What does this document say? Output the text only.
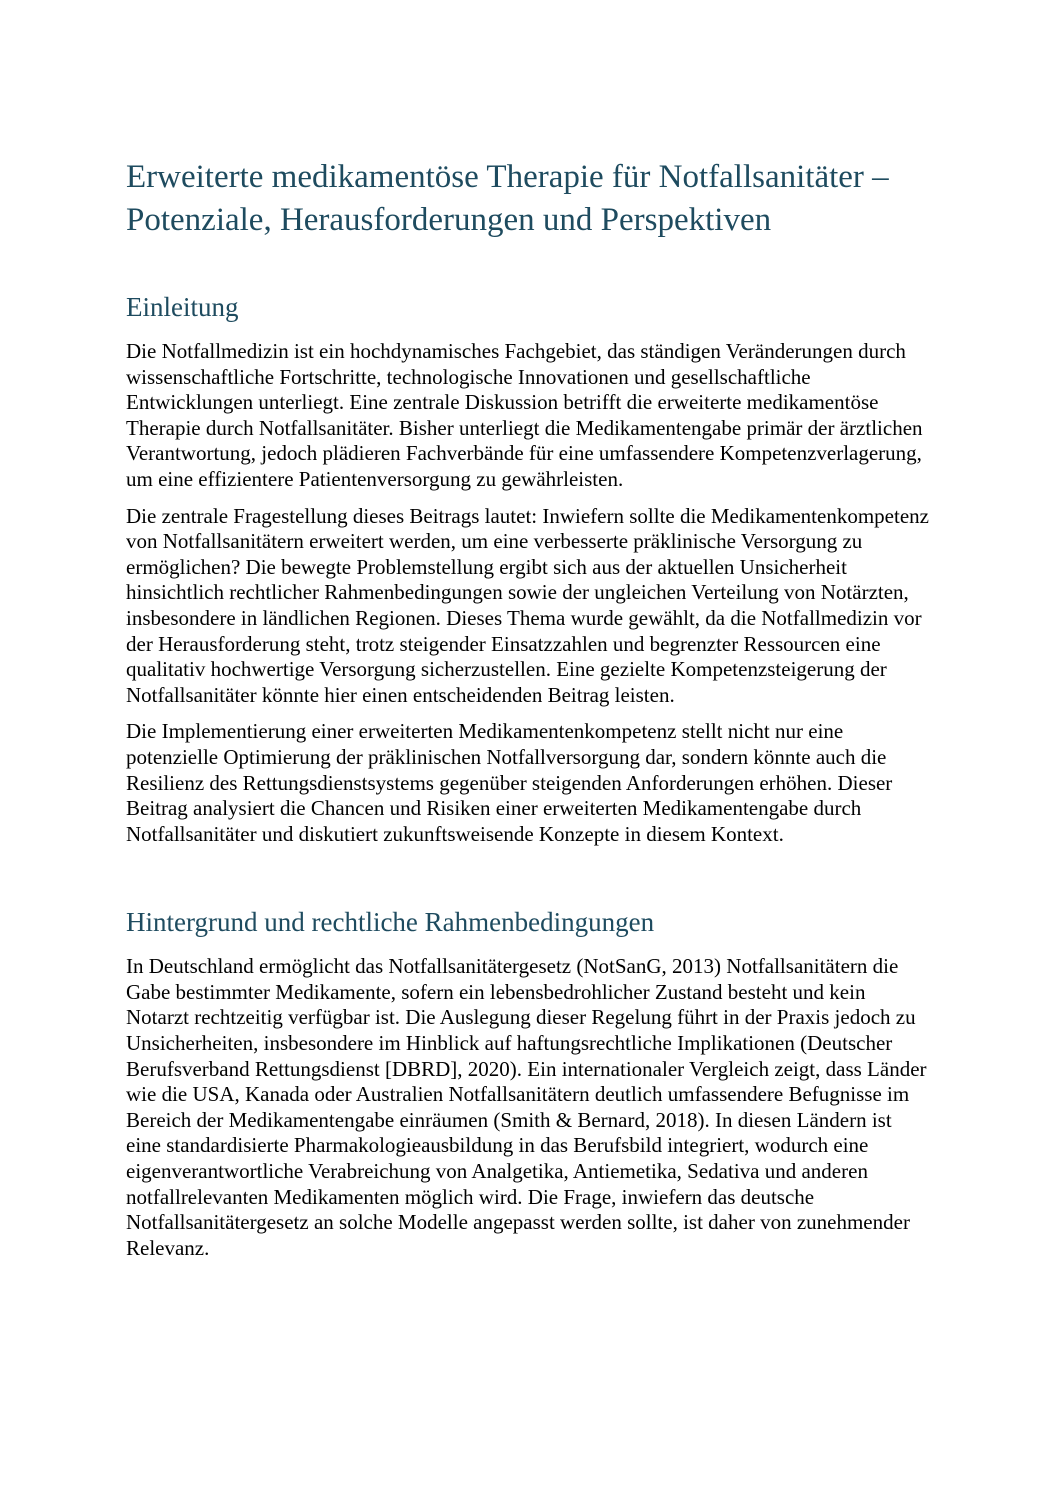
Erweiterte medikamentöse Therapie für Notfallsanitäter – Potenziale, Herausforderungen und Perspektiven
Einleitung

Die Notfallmedizin ist ein hochdynamisches Fachgebiet, das ständigen Veränderungen durch wissenschaftliche Fortschritte, technologische Innovationen und gesellschaftliche Entwicklungen unterliegt. Eine zentrale Diskussion betrifft die erweiterte medikamentöse Therapie durch Notfallsanitäter. Bisher unterliegt die Medikamentengabe primär der ärztlichen Verantwortung, jedoch plädieren Fachverbände für eine umfassendere Kompetenzverlagerung, um eine effizientere Patientenversorgung zu gewährleisten.

Die zentrale Fragestellung dieses Beitrags lautet: Inwiefern sollte die Medikamentenkompetenz von Notfallsanitätern erweitert werden, um eine verbesserte präklinische Versorgung zu ermöglichen? Die bewegte Problemstellung ergibt sich aus der aktuellen Unsicherheit hinsichtlich rechtlicher Rahmenbedingungen sowie der ungleichen Verteilung von Notärzten, insbesondere in ländlichen Regionen. Dieses Thema wurde gewählt, da die Notfallmedizin vor der Herausforderung steht, trotz steigender Einsatzzahlen und begrenzter Ressourcen eine qualitativ hochwertige Versorgung sicherzustellen. Eine gezielte Kompetenzsteigerung der Notfallsanitäter könnte hier einen entscheidenden Beitrag leisten.

Die Implementierung einer erweiterten Medikamentenkompetenz stellt nicht nur eine potenzielle Optimierung der präklinischen Notfallversorgung dar, sondern könnte auch die Resilienz des Rettungsdienstsystems gegenüber steigenden Anforderungen erhöhen. Dieser Beitrag analysiert die Chancen und Risiken einer erweiterten Medikamentengabe durch Notfallsanitäter und diskutiert zukunftsweisende Konzepte in diesem Kontext.

Hintergrund und rechtliche Rahmenbedingungen

In Deutschland ermöglicht das Notfallsanitätergesetz (NotSanG, 2013) Notfallsanitätern die Gabe bestimmter Medikamente, sofern ein lebensbedrohlicher Zustand besteht und kein Notarzt rechtzeitig verfügbar ist. Die Auslegung dieser Regelung führt in der Praxis jedoch zu Unsicherheiten, insbesondere im Hinblick auf haftungsrechtliche Implikationen (Deutscher Berufsverband Rettungsdienst [DBRD], 2020). Ein internationaler Vergleich zeigt, dass Länder wie die USA, Kanada oder Australien Notfallsanitätern deutlich umfassendere Befugnisse im Bereich der Medikamentengabe einräumen (Smith & Bernard, 2018). In diesen Ländern ist eine standardisierte Pharmakologieausbildung in das Berufsbild integriert, wodurch eine eigenverantwortliche Verabreichung von Analgetika, Antiemetika, Sedativa und anderen notfallrelevanten Medikamenten möglich wird. Die Frage, inwiefern das deutsche Notfallsanitätergesetz an solche Modelle angepasst werden sollte, ist daher von zunehmender Relevanz.
